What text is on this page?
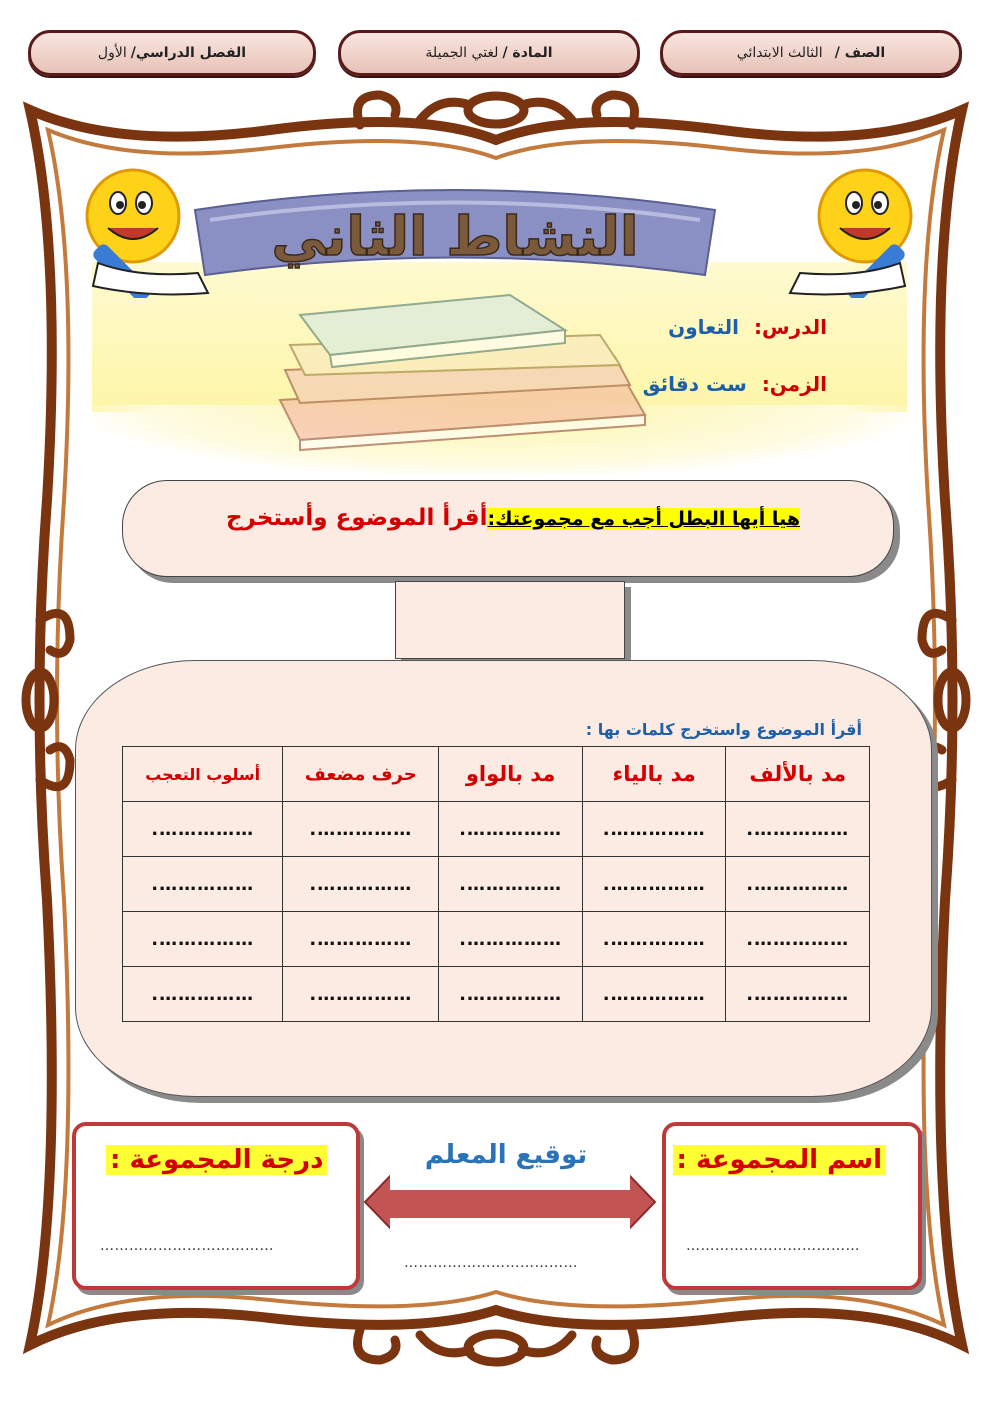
الصف /
الثالث الابتدائي
المادة /
لغتي الجميلة
الفصل الدراسي/
الأول
النشاط الثاني
الدرس: التعاون
الزمن: ست دقائق
هيا أيها البطل أجب مع مجموعتك:أقرأ الموضوع وأستخرج
أقرأ الموضوع واستخرج كلمات بها :
مد بالألف	مد بالياء	مد بالواو	حرف مضعف	أسلوب التعجب
…………….	…………….	…………….	…………….	…………….
…………….	…………….	…………….	…………….	…………….
…………….	…………….	…………….	…………….	…………….
…………….	…………….	…………….	…………….	…………….
اسم المجموعة :
………………………………
درجة المجموعة :
………………………………
توقيع المعلم
………………………………
